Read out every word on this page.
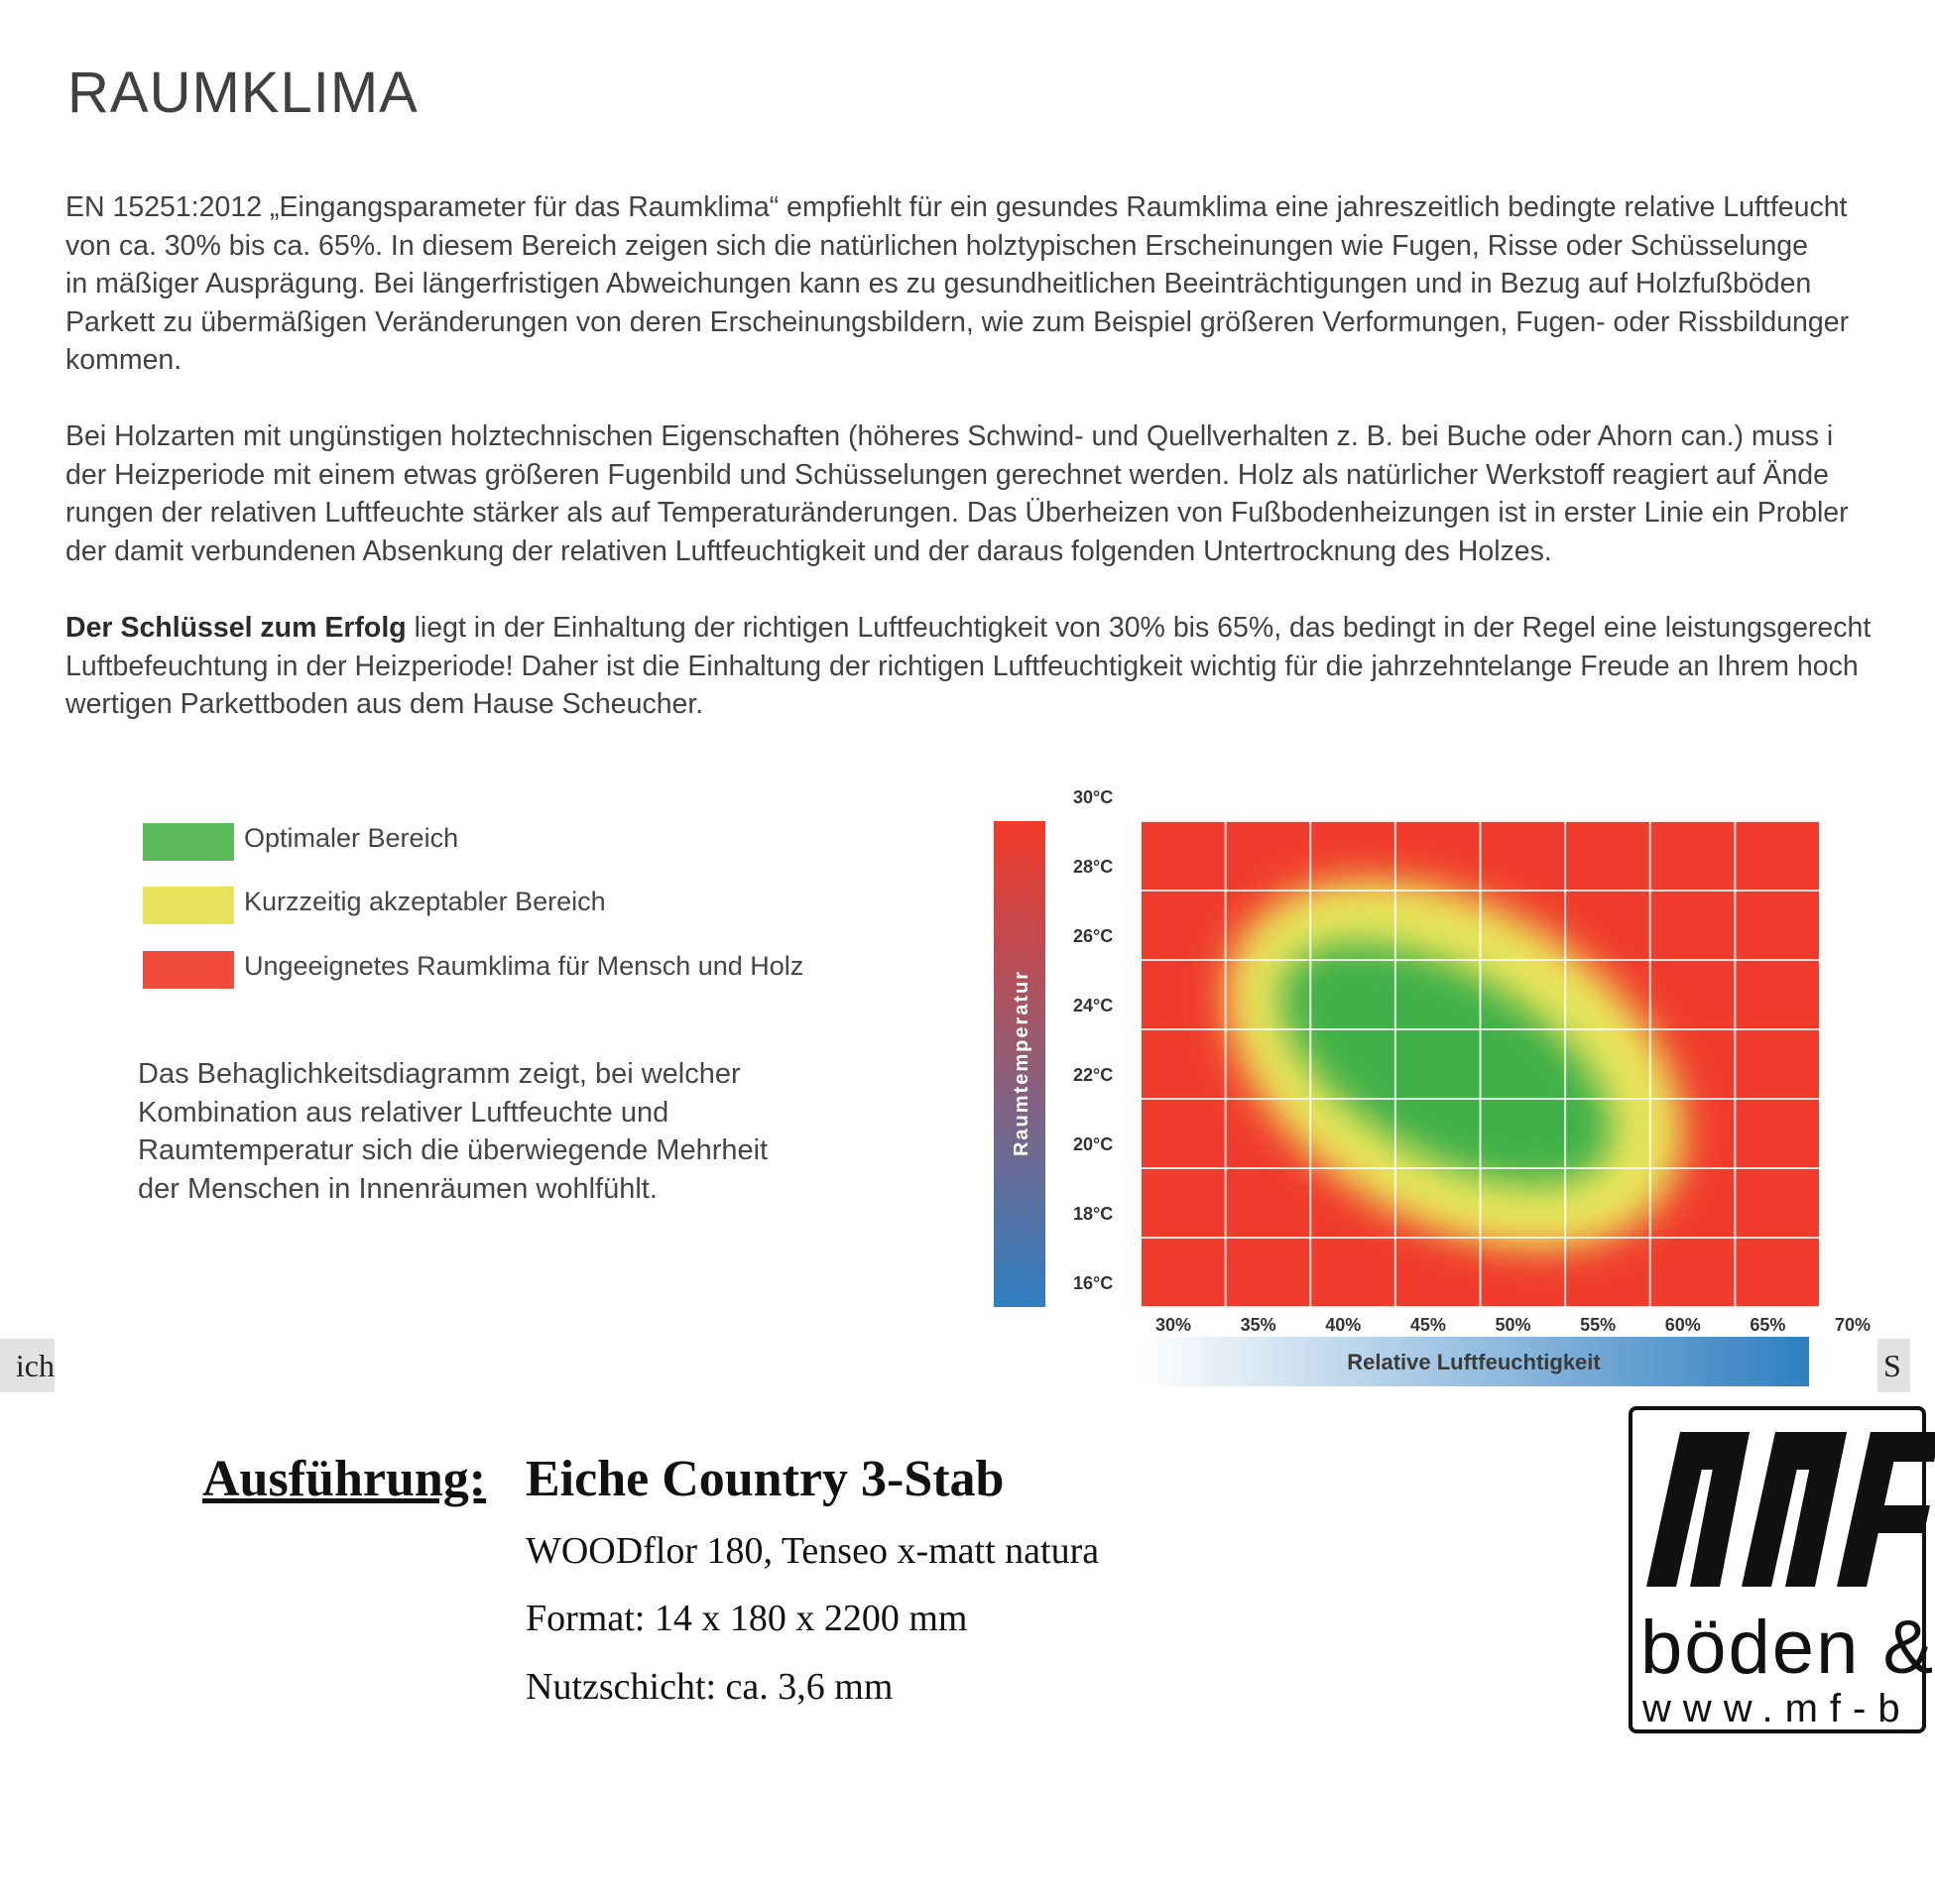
RAUMKLIMA
EN 15251:2012 „Eingangsparameter für das Raumklima“ empfiehlt für ein gesundes Raumklima eine jahreszeitlich bedingte relative Luftfeucht
von ca. 30% bis ca. 65%. In diesem Bereich zeigen sich die natürlichen holztypischen Erscheinungen wie Fugen, Risse oder Schüsselunge
in mäßiger Ausprägung. Bei längerfristigen Abweichungen kann es zu gesundheitlichen Beeinträchtigungen und in Bezug auf Holzfußböden
Parkett zu übermäßigen Veränderungen von deren Erscheinungsbildern, wie zum Beispiel größeren Verformungen, Fugen- oder Rissbildunger
kommen.
Bei Holzarten mit ungünstigen holztechnischen Eigenschaften (höheres Schwind- und Quellverhalten z. B. bei Buche oder Ahorn can.) muss i
der Heizperiode mit einem etwas größeren Fugenbild und Schüsselungen gerechnet werden. Holz als natürlicher Werkstoff reagiert auf Ände
rungen der relativen Luftfeuchte stärker als auf Temperaturänderungen. Das Überheizen von Fußbodenheizungen ist in erster Linie ein Probler
der damit verbundenen Absenkung der relativen Luftfeuchtigkeit und der daraus folgenden Untertrocknung des Holzes.
Der Schlüssel zum Erfolg liegt in der Einhaltung der richtigen Luftfeuchtigkeit von 30% bis 65%, das bedingt in der Regel eine leistungsgerecht
Luftbefeuchtung in der Heizperiode! Daher ist die Einhaltung der richtigen Luftfeuchtigkeit wichtig für die jahrzehntelange Freude an Ihrem hoch
wertigen Parkettboden aus dem Hause Scheucher.
Optimaler Bereich
Kurzzeitig akzeptabler Bereich
Ungeeignetes Raumklima für Mensch und Holz
Das Behaglichkeitsdiagramm zeigt, bei welcher
Kombination aus relativer Luftfeuchte und
Raumtemperatur sich die überwiegende Mehrheit
der Menschen in Innenräumen wohlfühlt.
Raumtemperatur
30°C
28°C
26°C
24°C
22°C
20°C
18°C
16°C
30%	35%	40%	45%	50%	55%	60%	65%	70%
Relative Luftfeuchtigkeit
ich	S
Ausführung: Eiche Country 3-Stab
WOODflor 180, Tenseo x-matt natura
Format: 14 x 180 x 2200 mm
Nutzschicht: ca. 3,6 mm	böden &
www.mf-b
